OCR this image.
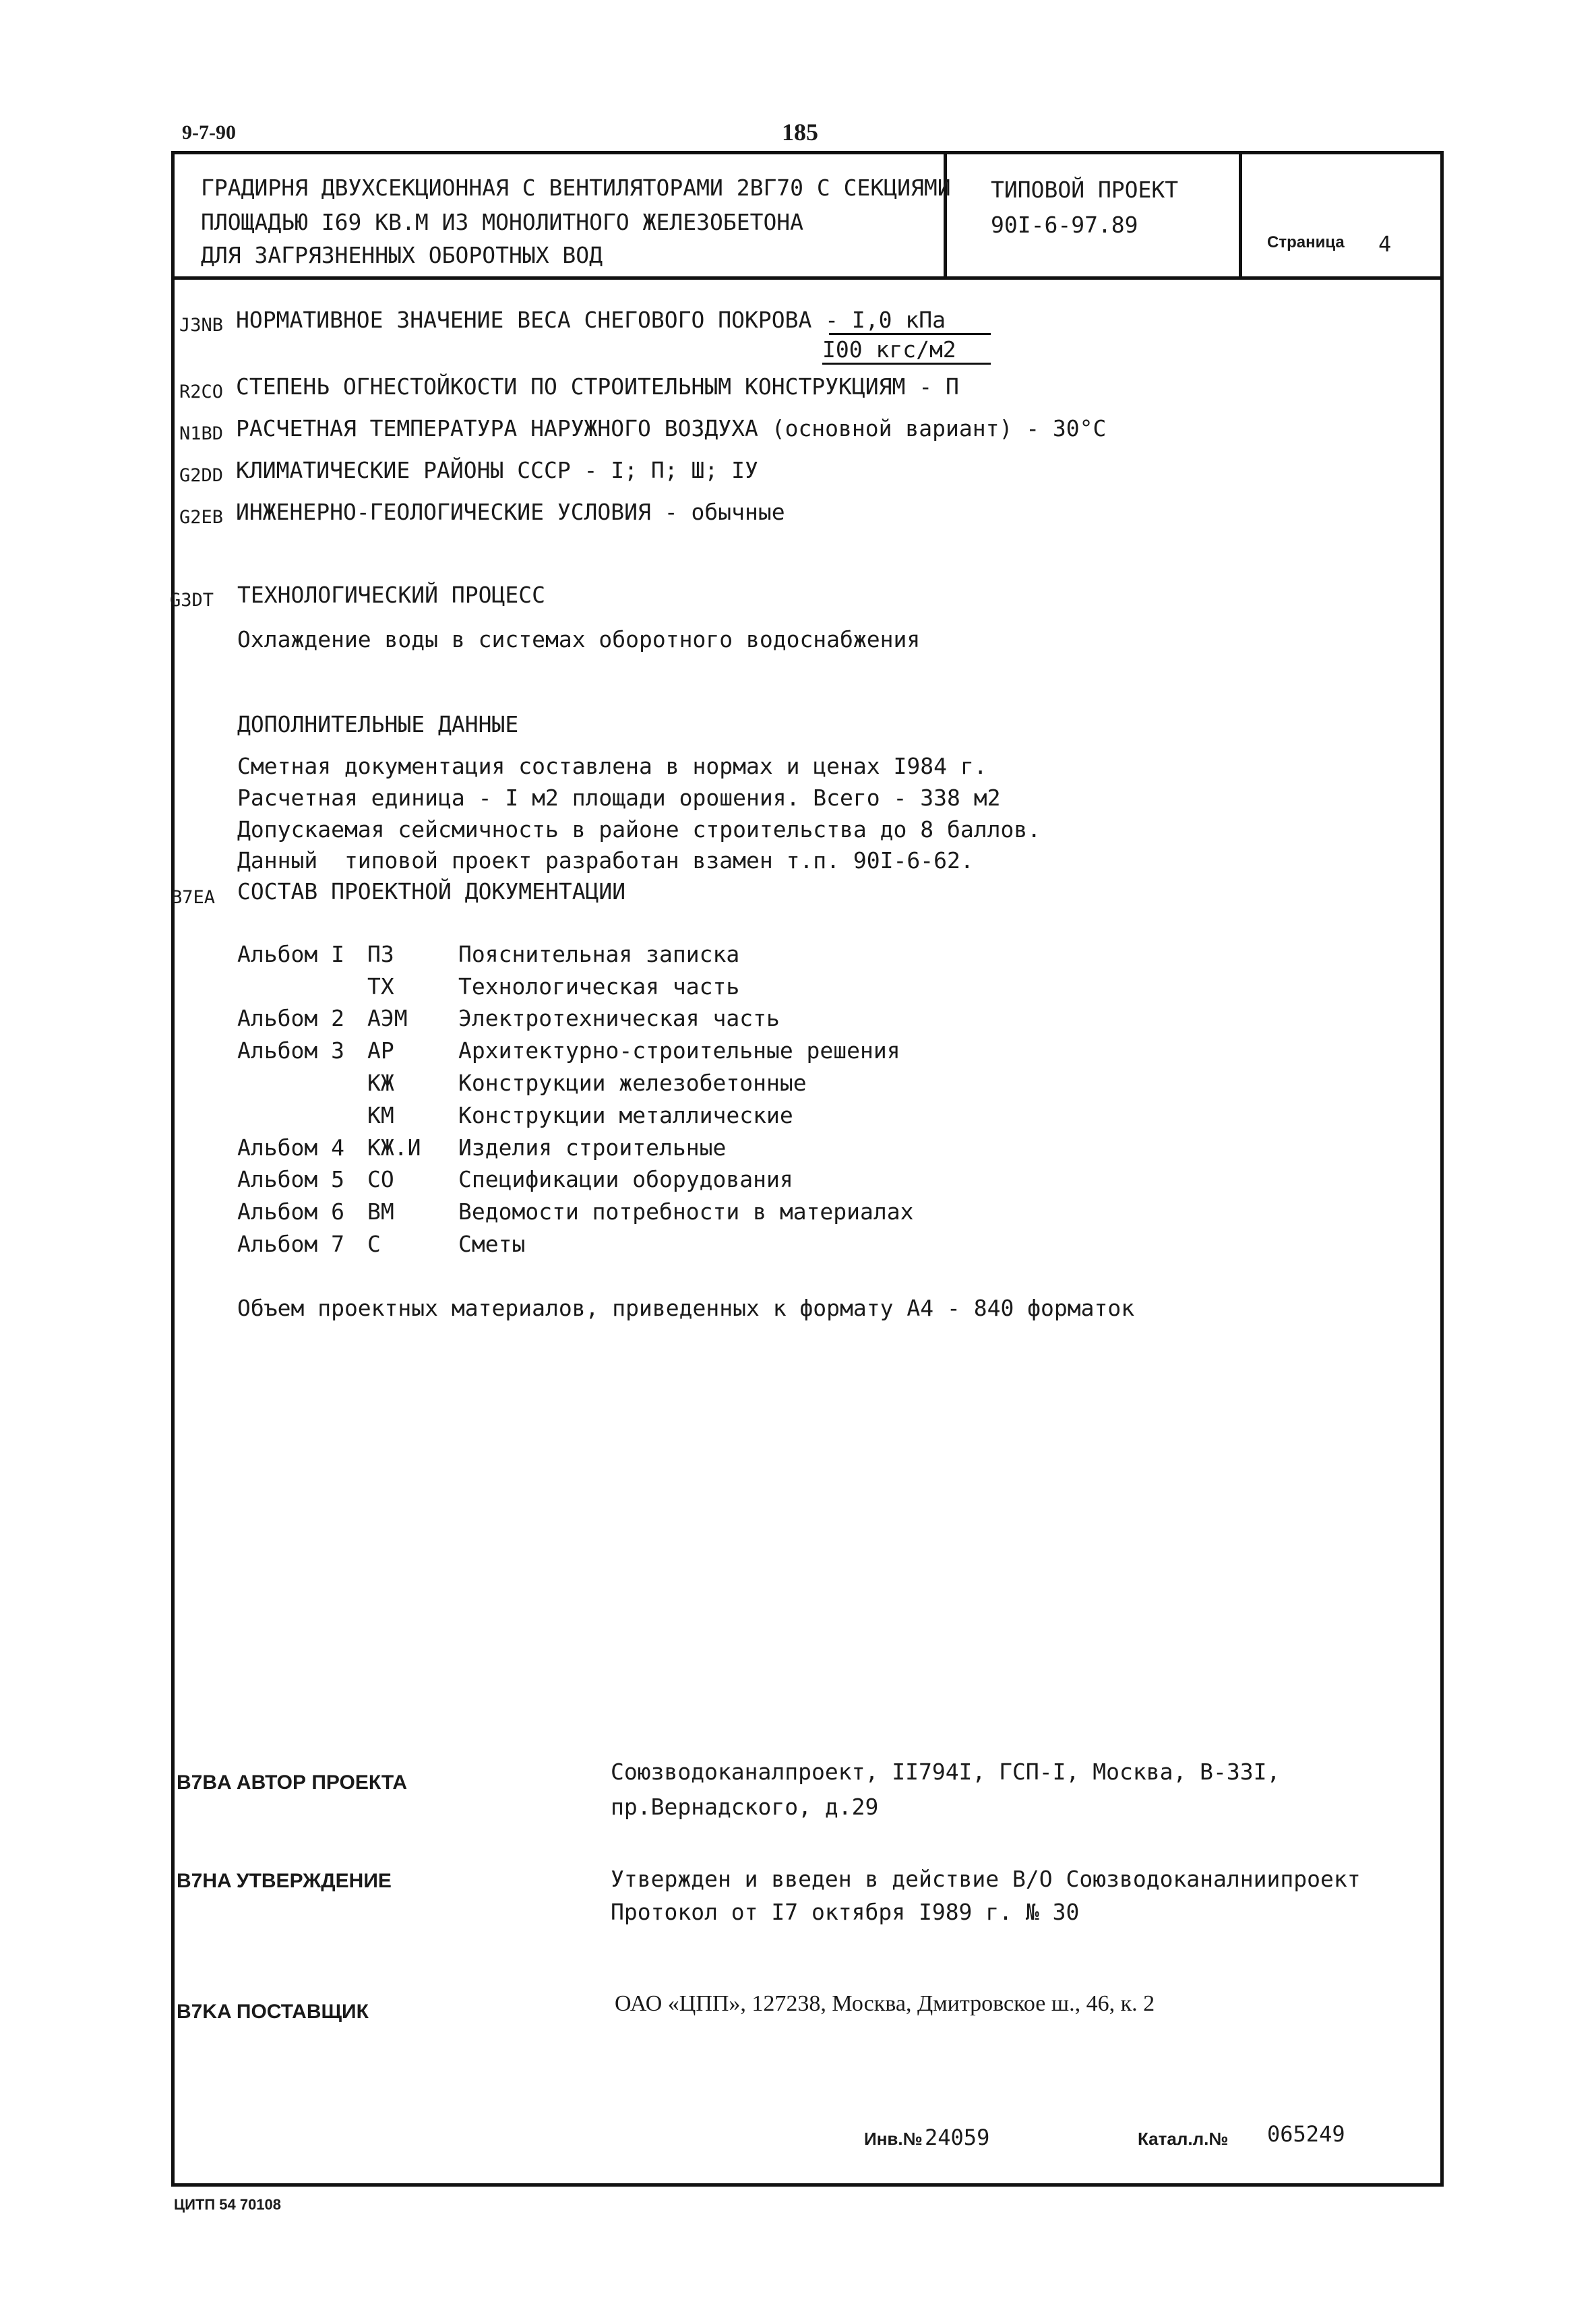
9-7-90	185
ГРАДИРНЯ ДВУХСЕКЦИОННАЯ С ВЕНТИЛЯТОРАМИ 2ВГ70 С СЕКЦИЯМИ
ПЛОЩАДЬЮ I69 КВ.М ИЗ МОНОЛИТНОГО ЖЕЛЕЗОБЕТОНА
ДЛЯ ЗАГРЯЗНЕННЫХ ОБОРОТНЫХ ВОД
ТИПОВОЙ ПРОЕКТ
90I-6-97.89
Страница 4
J3NB НОРМАТИВНОЕ ЗНАЧЕНИЕ ВЕСА СНЕГОВОГО ПОКРОВА - I,0 кПа
I00 кгс/м2
R2CO СТЕПЕНЬ ОГНЕСТОЙКОСТИ ПО СТРОИТЕЛЬНЫМ КОНСТРУКЦИЯМ - П
N1BD РАСЧЕТНАЯ ТЕМПЕРАТУРА НАРУЖНОГО ВОЗДУХА (основной вариант) - 30°С
G2DD КЛИМАТИЧЕСКИЕ РАЙОНЫ СССР - I; П; Ш; IУ
G2EB ИНЖЕНЕРНО-ГЕОЛОГИЧЕСКИЕ УСЛОВИЯ - обычные
G3DT ТЕХНОЛОГИЧЕСКИЙ ПРОЦЕСС
Охлаждение воды в системах оборотного водоснабжения
ДОПОЛНИТЕЛЬНЫЕ ДАННЫЕ
Сметная документация составлена в нормах и ценах I984 г.
Расчетная единица - I м2 площади орошения. Всего - 338 м2
Допускаемая сейсмичность в районе строительства до 8 баллов.
Данный  типовой проект разработан взамен т.п. 90I-6-62.
B7EA СОСТАВ ПРОЕКТНОЙ ДОКУМЕНТАЦИИ
Альбом I ПЗ	Пояснительная записка
ТХ	Технологическая часть
Альбом 2 АЭМ Электротехническая часть
Альбом 3 АР	Архитектурно-строительные решения
КЖ	Конструкции железобетонные
КМ	Конструкции металлические
Альбом 4 КЖ.И Изделия строительные
Альбом 5 СО	Спецификации оборудования
Альбом 6 ВМ	Ведомости потребности в материалах
Альбом 7 С	Сметы
Объем проектных материалов, приведенных к формату А4 - 840 форматок
B7BA АВТОР ПРОЕКТА	Союзводоканалпроект, II794I, ГСП-I, Москва, В-33I,
пр.Вернадского, д.29
B7HA УТВЕРЖДЕНИЕ	Утвержден и введен в действие В/О Союзводоканалниипроект
Протокол от I7 октября I989 г. № 30
B7KA ПОСТАВЩИК	ОАО «ЦПП», 127238, Москва, Дмитровское ш., 46, к. 2
Инв.№ 24059	Катал.л.№ 065249
ЦИТП 54 70108
